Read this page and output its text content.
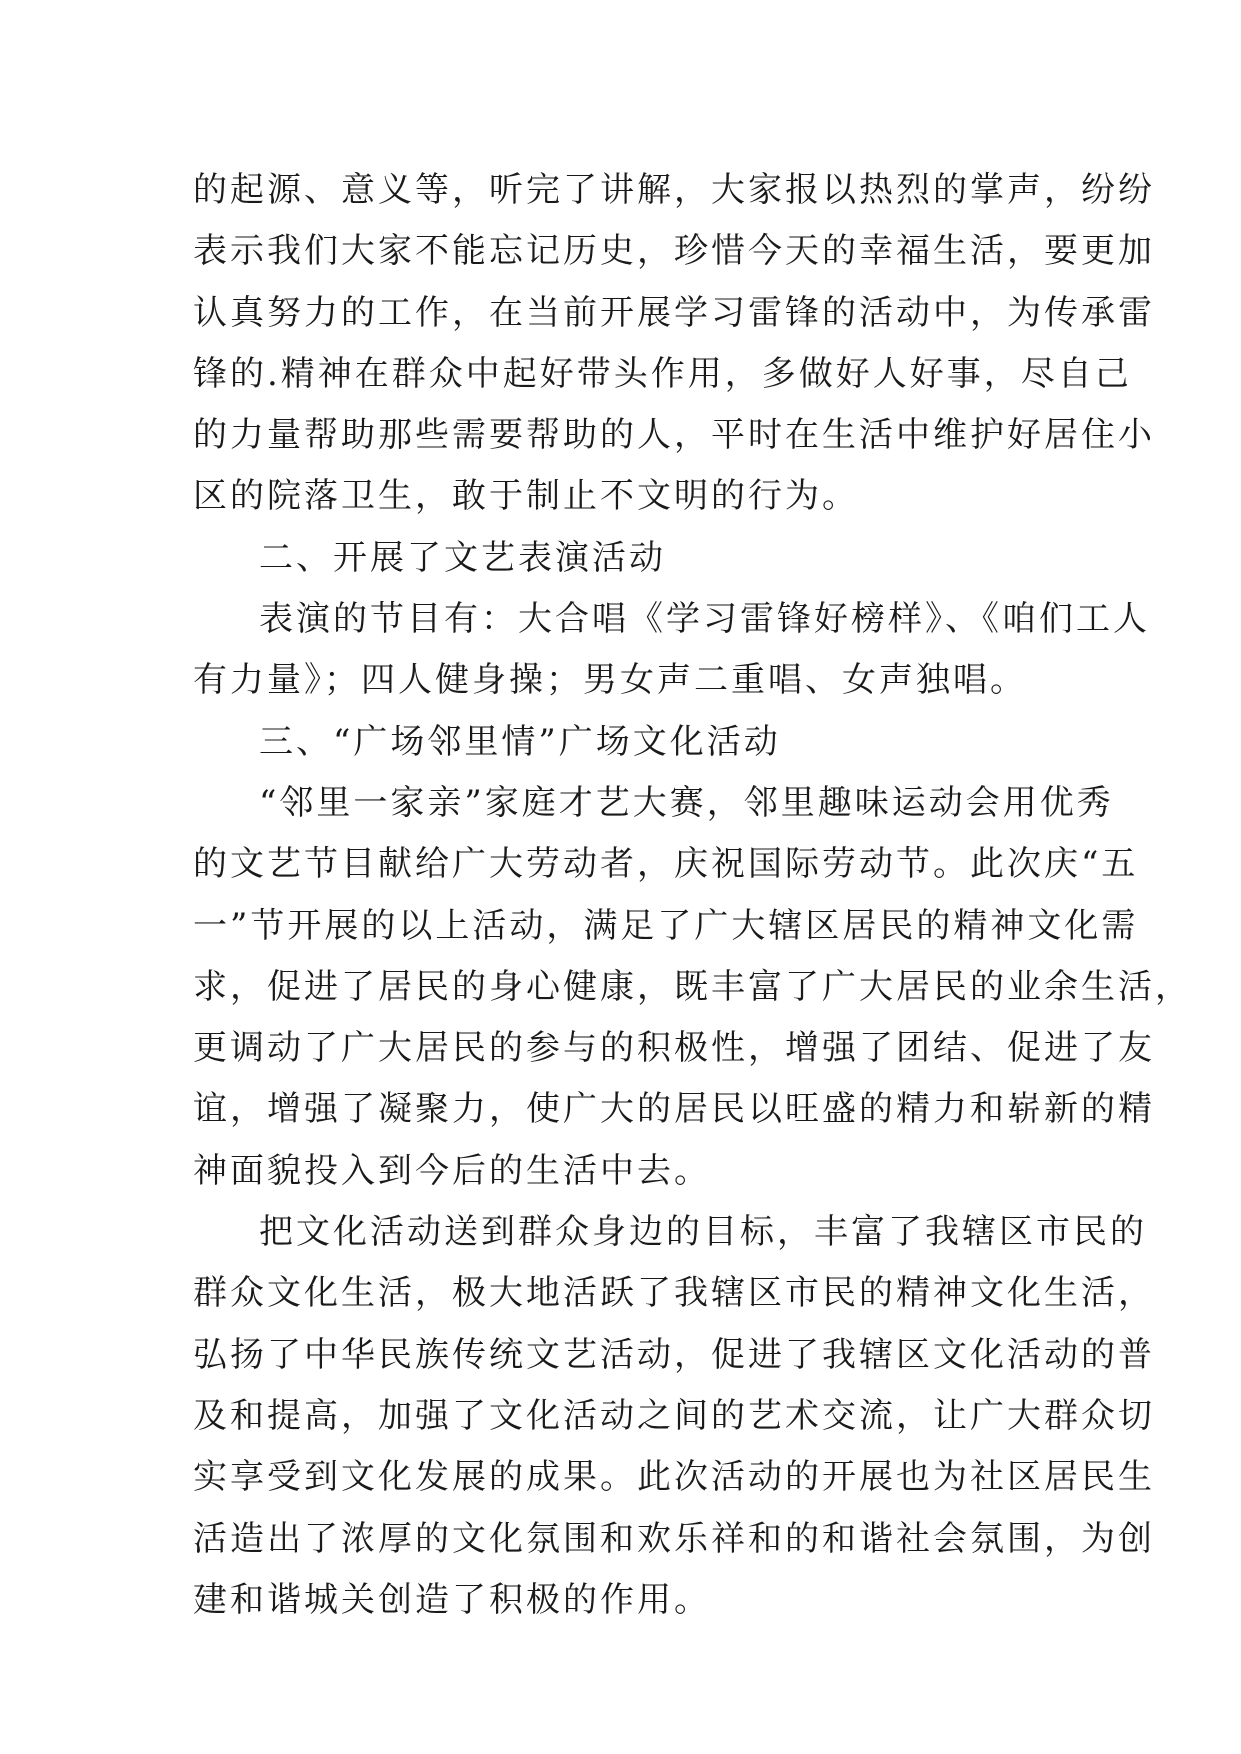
的起源、意义等，听完了讲解，大家报以热烈的掌声，纷纷
表示我们大家不能忘记历史，珍惜今天的幸福生活，要更加
认真努力的工作，在当前开展学习雷锋的活动中，为传承雷
锋的.精神在群众中起好带头作用，多做好人好事，尽自己
的力量帮助那些需要帮助的人，平时在生活中维护好居住小
区的院落卫生，敢于制止不文明的行为。
二、开展了文艺表演活动
表演的节目有：大合唱《学习雷锋好榜样》、《咱们工人
有力量》；四人健身操；男女声二重唱、女声独唱。
三、“广场邻里情”广场文化活动
“邻里一家亲”家庭才艺大赛，邻里趣味运动会用优秀
的文艺节目献给广大劳动者，庆祝国际劳动节。此次庆“五
一”节开展的以上活动，满足了广大辖区居民的精神文化需
求，促进了居民的身心健康，既丰富了广大居民的业余生活，
更调动了广大居民的参与的积极性，增强了团结、促进了友
谊，增强了凝聚力，使广大的居民以旺盛的精力和崭新的精
神面貌投入到今后的生活中去。
把文化活动送到群众身边的目标，丰富了我辖区市民的
群众文化生活，极大地活跃了我辖区市民的精神文化生活，
弘扬了中华民族传统文艺活动，促进了我辖区文化活动的普
及和提高，加强了文化活动之间的艺术交流，让广大群众切
实享受到文化发展的成果。此次活动的开展也为社区居民生
活造出了浓厚的文化氛围和欢乐祥和的和谐社会氛围，为创
建和谐城关创造了积极的作用。
